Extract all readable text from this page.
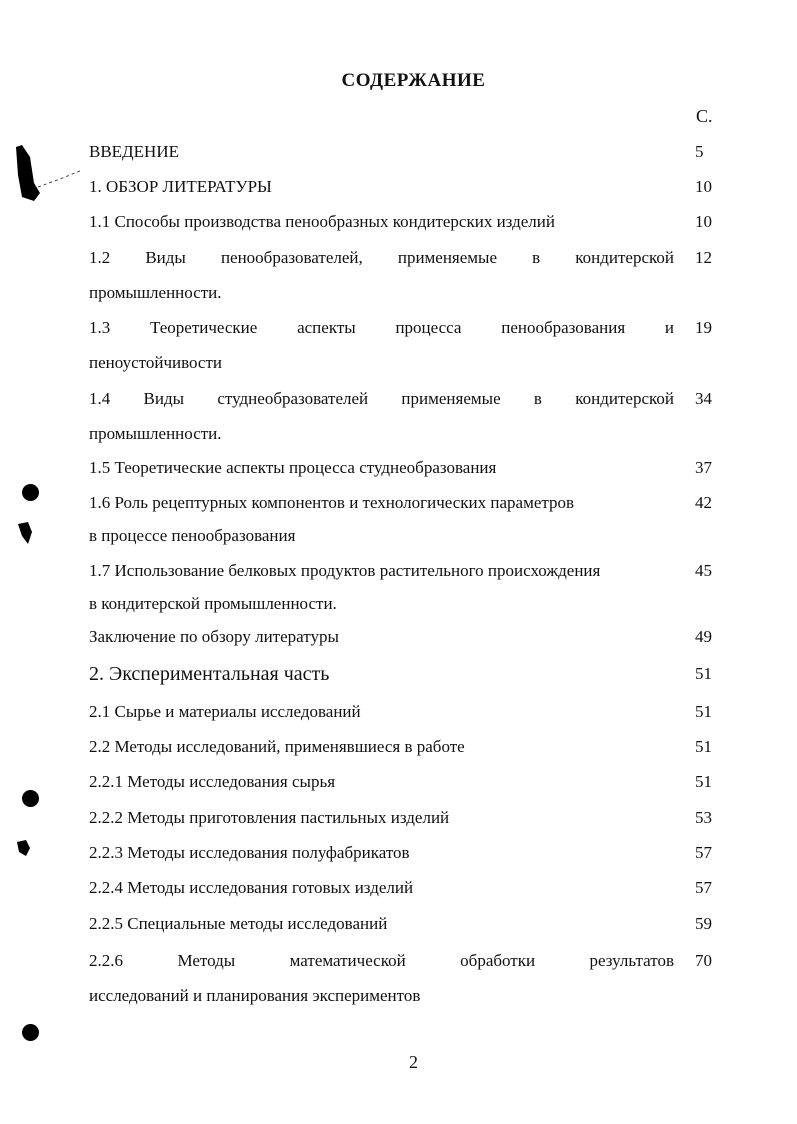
СОДЕРЖАНИЕ
С.
ВВЕДЕНИЕ	5
1. ОБЗОР ЛИТЕРАТУРЫ	10
1.1 Способы производства пенообразных кондитерских изделий	10
1.2 Виды пенообразователей, применяемые в кондитерской 12
промышленности.
1.3 Теоретические аспекты процесса пенообразования и 19
пеноустойчивости
1.4 Виды студнеобразователей применяемые в кондитерской 34
промышленности.
1.5 Теоретические аспекты процесса студнеобразования	37
1.6 Роль рецептурных компонентов и технологических параметров	42
в процессе пенообразования
1.7 Использование белковых продуктов растительного происхождения	45
в кондитерской промышленности.
Заключение по обзору литературы	49
2. Экспериментальная часть	51
2.1 Сырье и материалы исследований	51
2.2 Методы исследований, применявшиеся в работе	51
2.2.1 Методы исследования сырья	51
2.2.2 Методы приготовления пастильных изделий	53
2.2.3 Методы исследования полуфабрикатов	57
2.2.4 Методы исследования готовых изделий	57
2.2.5 Специальные методы исследований	59
2.2.6 Методы математической обработки результатов 70
исследований и планирования экспериментов
2
